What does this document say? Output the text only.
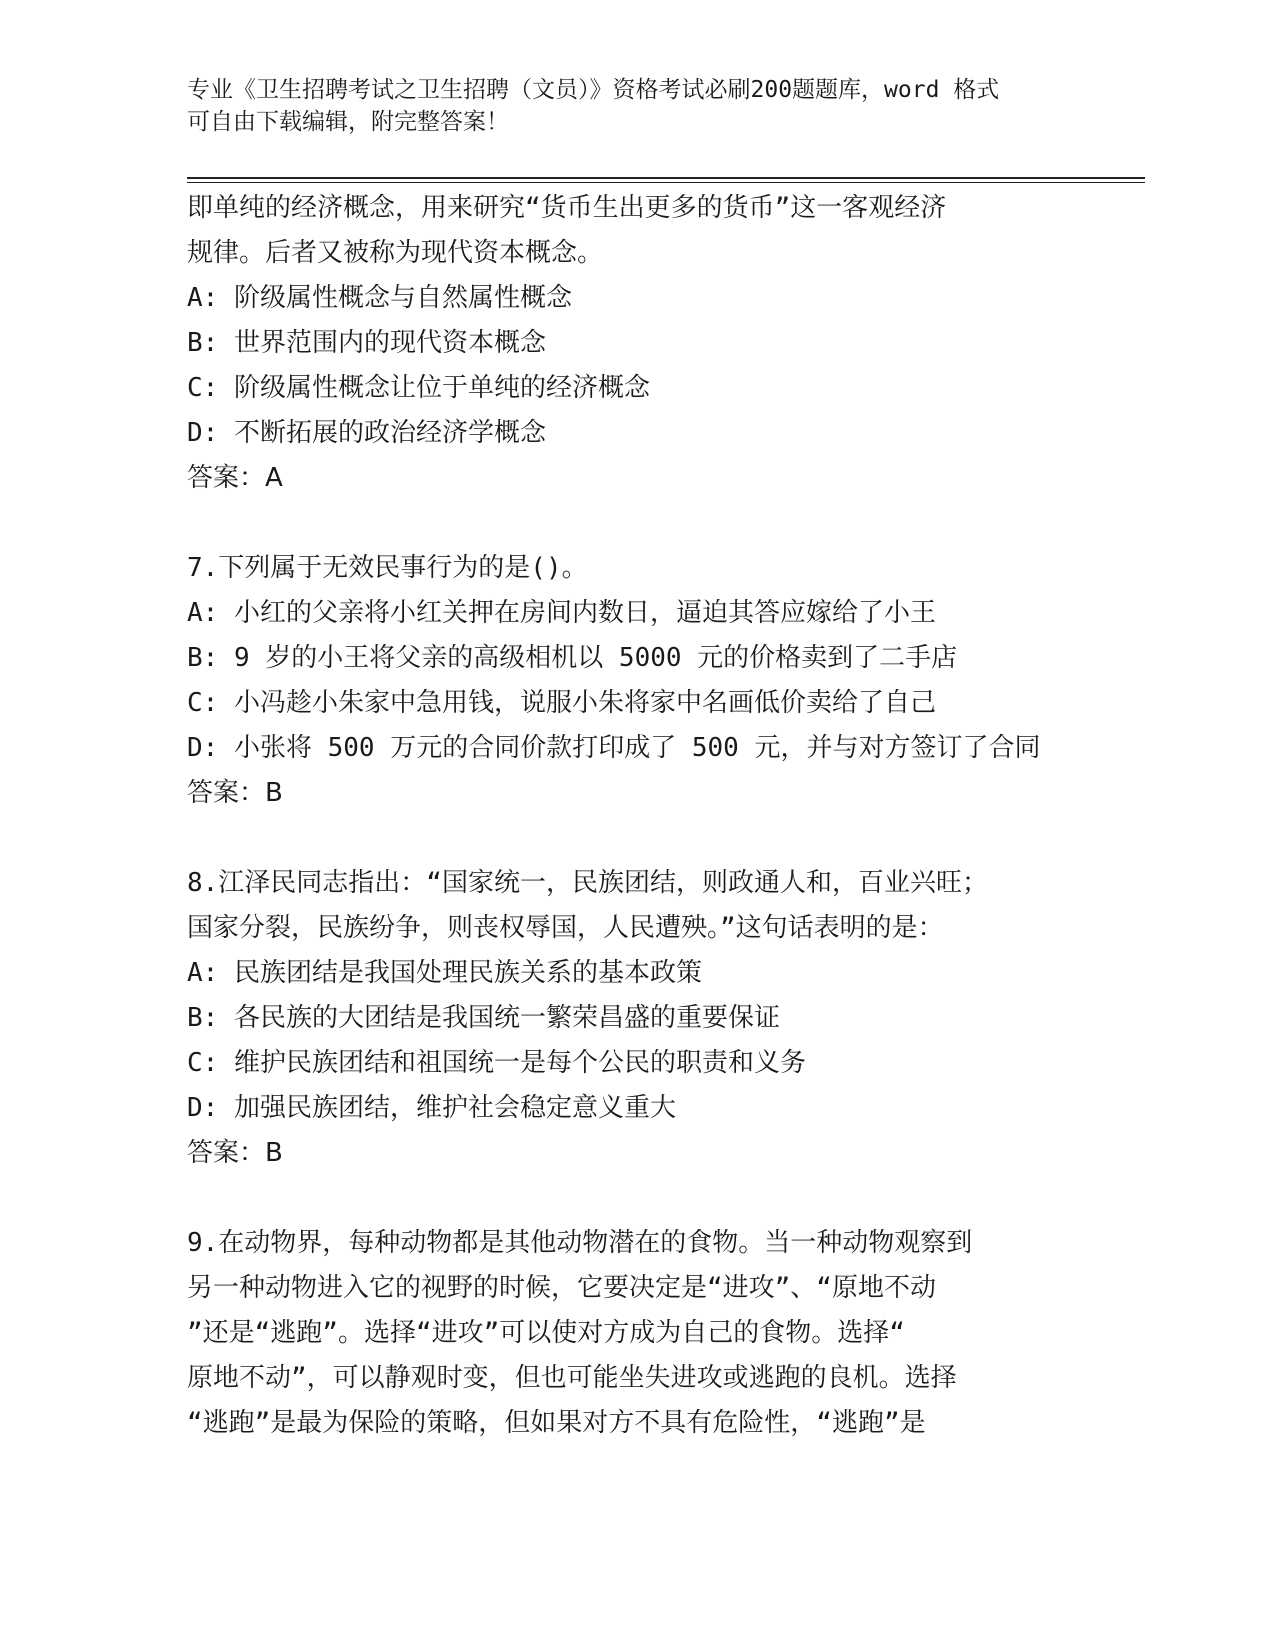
专业《卫生招聘考试之卫生招聘（文员）》资格考试必刷200题题库，word 格式
可自由下载编辑，附完整答案！
即单纯的经济概念，用来研究“货币生出更多的货币”这一客观经济
规律。后者又被称为现代资本概念。
A: 阶级属性概念与自然属性概念
B: 世界范围内的现代资本概念
C: 阶级属性概念让位于单纯的经济概念
D: 不断拓展的政治经济学概念
答案：A
7.下列属于无效民事行为的是()。
A: 小红的父亲将小红关押在房间内数日，逼迫其答应嫁给了小王
B: 9 岁的小王将父亲的高级相机以 5000 元的价格卖到了二手店
C: 小冯趁小朱家中急用钱，说服小朱将家中名画低价卖给了自己
D: 小张将 500 万元的合同价款打印成了 500 元，并与对方签订了合同
答案：B
8.江泽民同志指出：“国家统一，民族团结，则政通人和，百业兴旺；
国家分裂，民族纷争，则丧权辱国，人民遭殃。”这句话表明的是：
A: 民族团结是我国处理民族关系的基本政策
B: 各民族的大团结是我国统一繁荣昌盛的重要保证
C: 维护民族团结和祖国统一是每个公民的职责和义务
D: 加强民族团结，维护社会稳定意义重大
答案：B
9.在动物界，每种动物都是其他动物潜在的食物。当一种动物观察到
另一种动物进入它的视野的时候，它要决定是“进攻”、“原地不动
”还是“逃跑”。选择“进攻”可以使对方成为自己的食物。选择“
原地不动”，可以静观时变，但也可能坐失进攻或逃跑的良机。选择
“逃跑”是最为保险的策略，但如果对方不具有危险性，“逃跑”是
